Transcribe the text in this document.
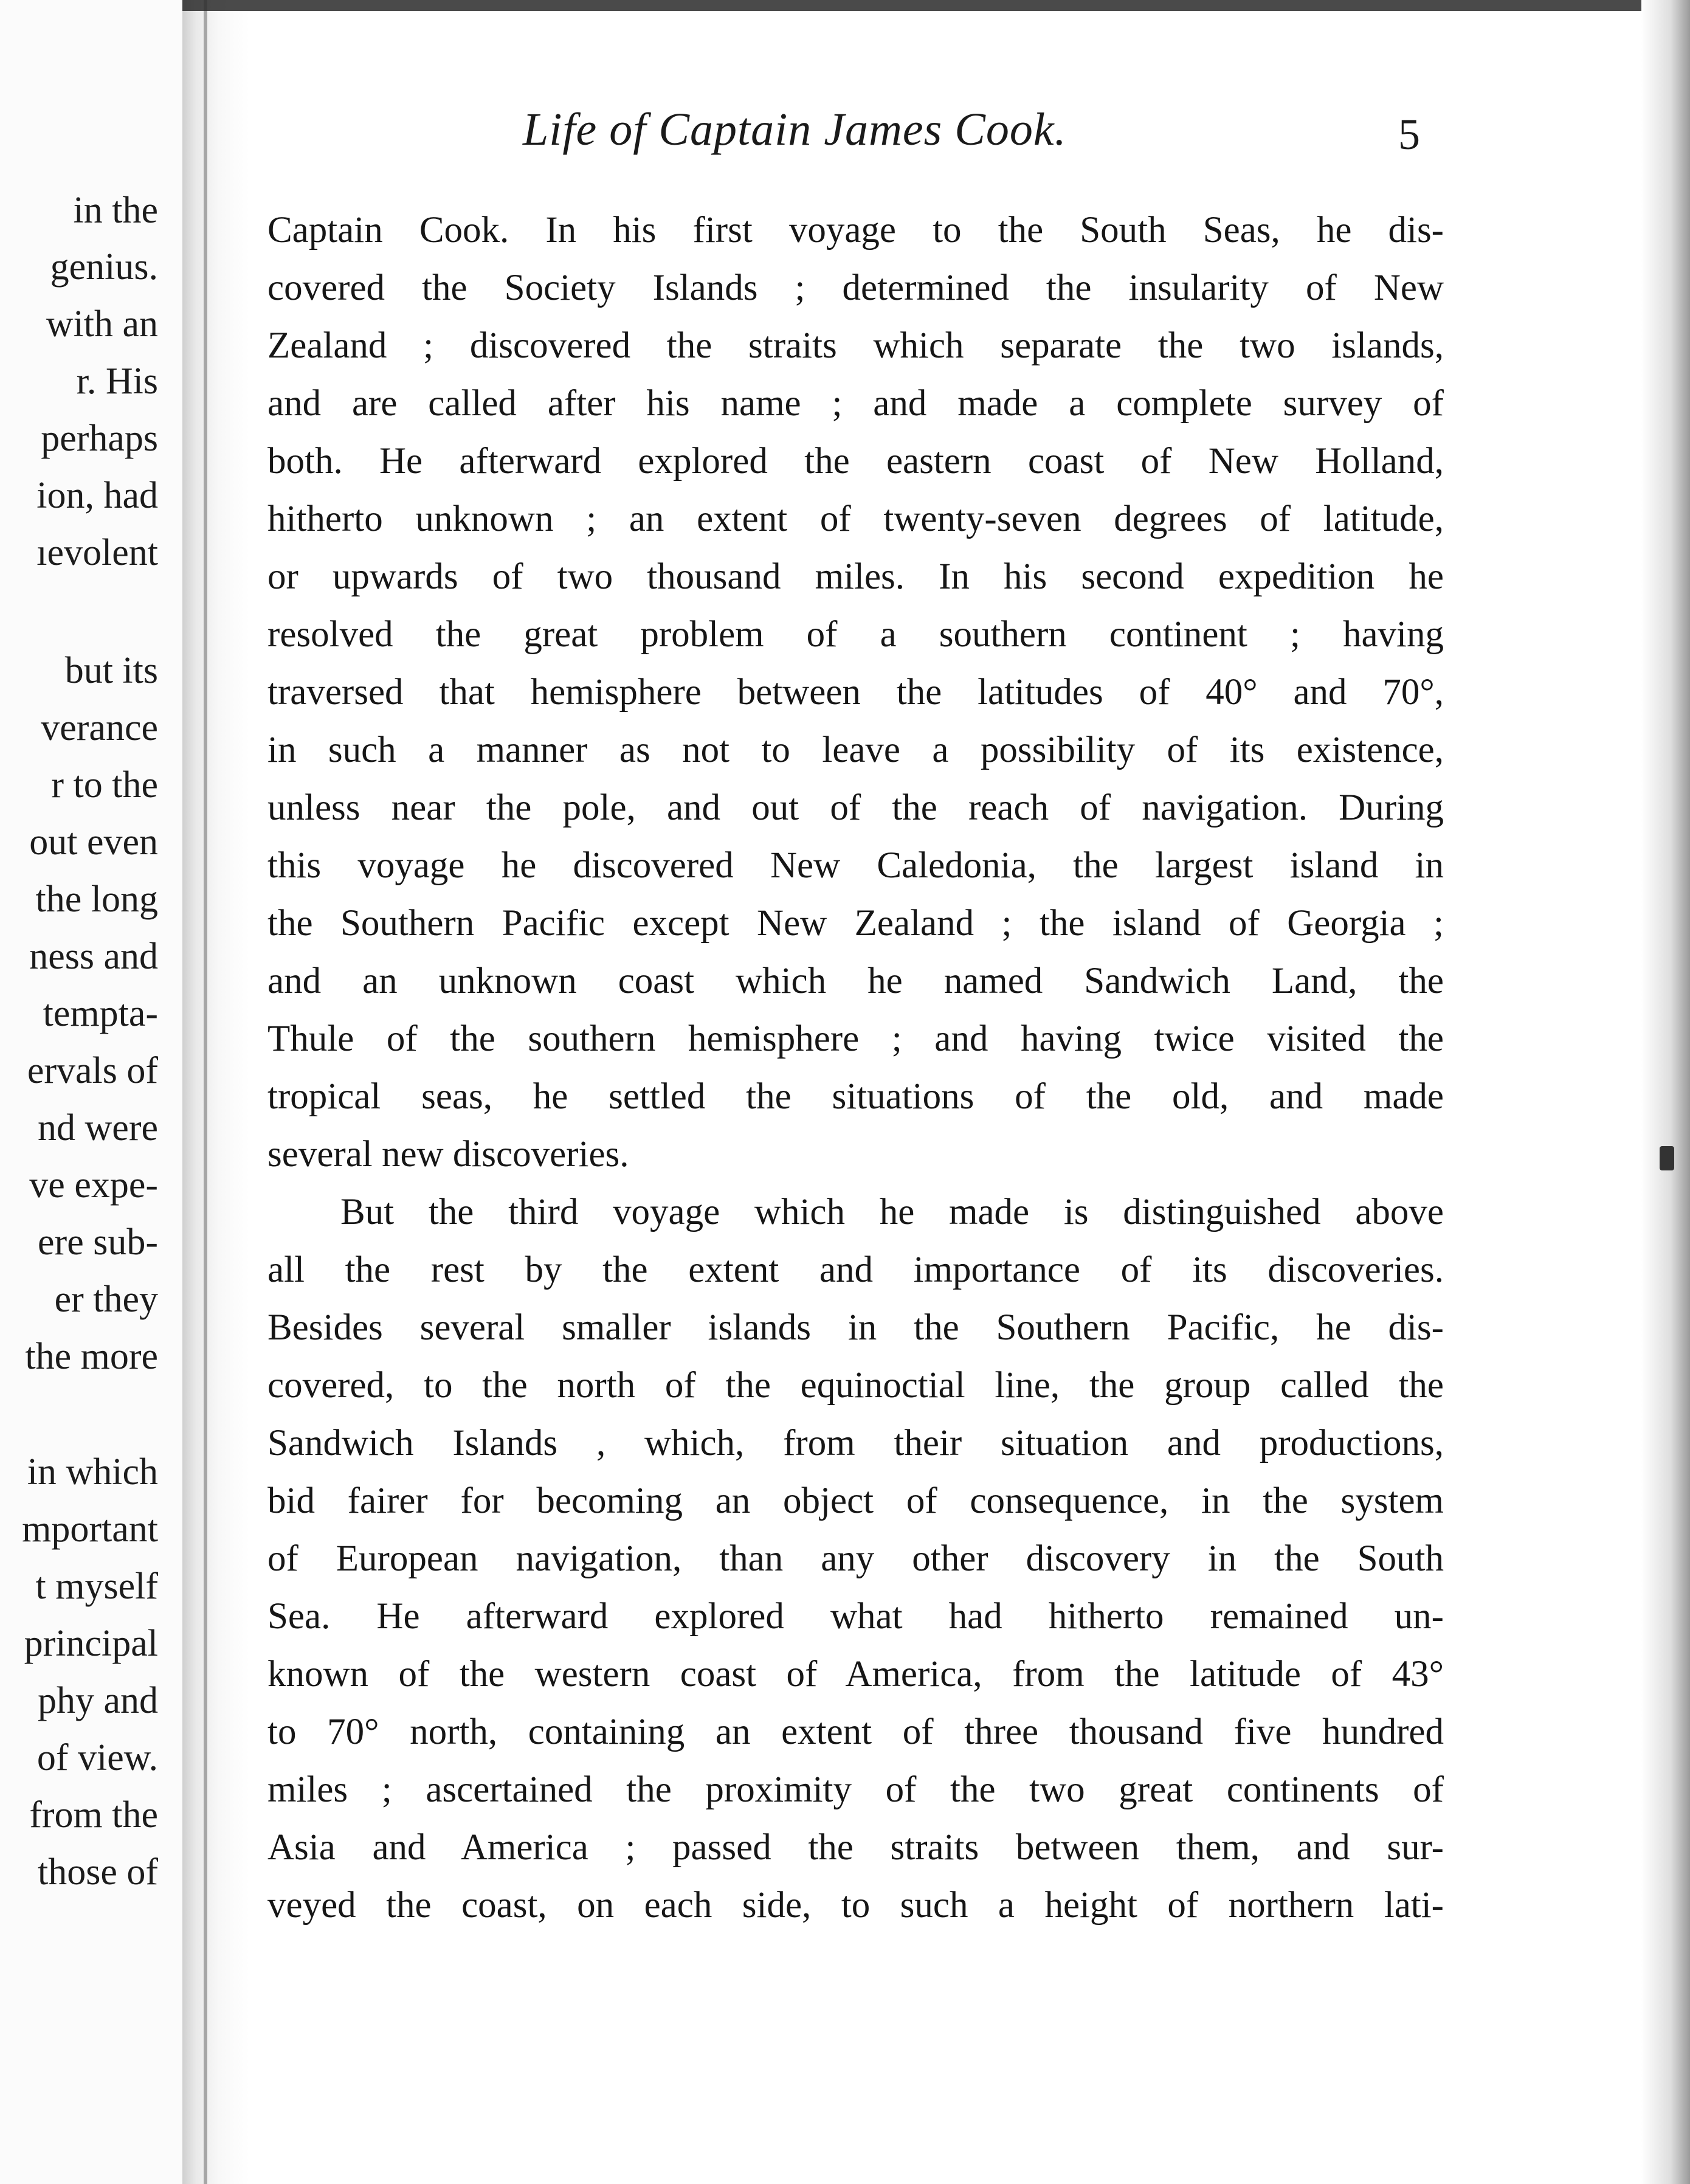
in the
genius.
with an
r. His
perhaps
ion, had
ıevolent
but its
verance
r to the
out even
the long
ness and
tempta-
ervals of
nd were
ve expe-
ere sub-
er they
the more
in which
mportant
t myself
principal
phy and
of view.
from the
those of
Life of Captain James Cook.	5
Captain Cook. In his first voyage to the South Seas, he dis-
covered the Society Islands ; determined the insularity of New
Zealand ; discovered the straits which separate the two islands,
and are called after his name ; and made a complete survey of
both. He afterward explored the eastern coast of New Holland,
hitherto unknown ; an extent of twenty-seven degrees of latitude,
or upwards of two thousand miles. In his second expedition he
resolved the great problem of a southern continent ; having
traversed that hemisphere between the latitudes of 40° and 70°,
in such a manner as not to leave a possibility of its existence,
unless near the pole, and out of the reach of navigation. During
this voyage he discovered New Caledonia, the largest island in
the Southern Pacific except New Zealand ; the island of Georgia ;
and an unknown coast which he named Sandwich Land, the
Thule of the southern hemisphere ; and having twice visited the
tropical seas, he settled the situations of the old, and made
several new discoveries.
But the third voyage which he made is distinguished above
all the rest by the extent and importance of its discoveries.
Besides several smaller islands in the Southern Pacific, he dis-
covered, to the north of the equinoctial line, the group called the
Sandwich Islands , which, from their situation and productions,
bid fairer for becoming an object of consequence, in the system
of European navigation, than any other discovery in the South
Sea. He afterward explored what had hitherto remained un-
known of the western coast of America, from the latitude of 43°
to 70° north, containing an extent of three thousand five hundred
miles ; ascertained the proximity of the two great continents of
Asia and America ; passed the straits between them, and sur-
veyed the coast, on each side, to such a height of northern lati-
